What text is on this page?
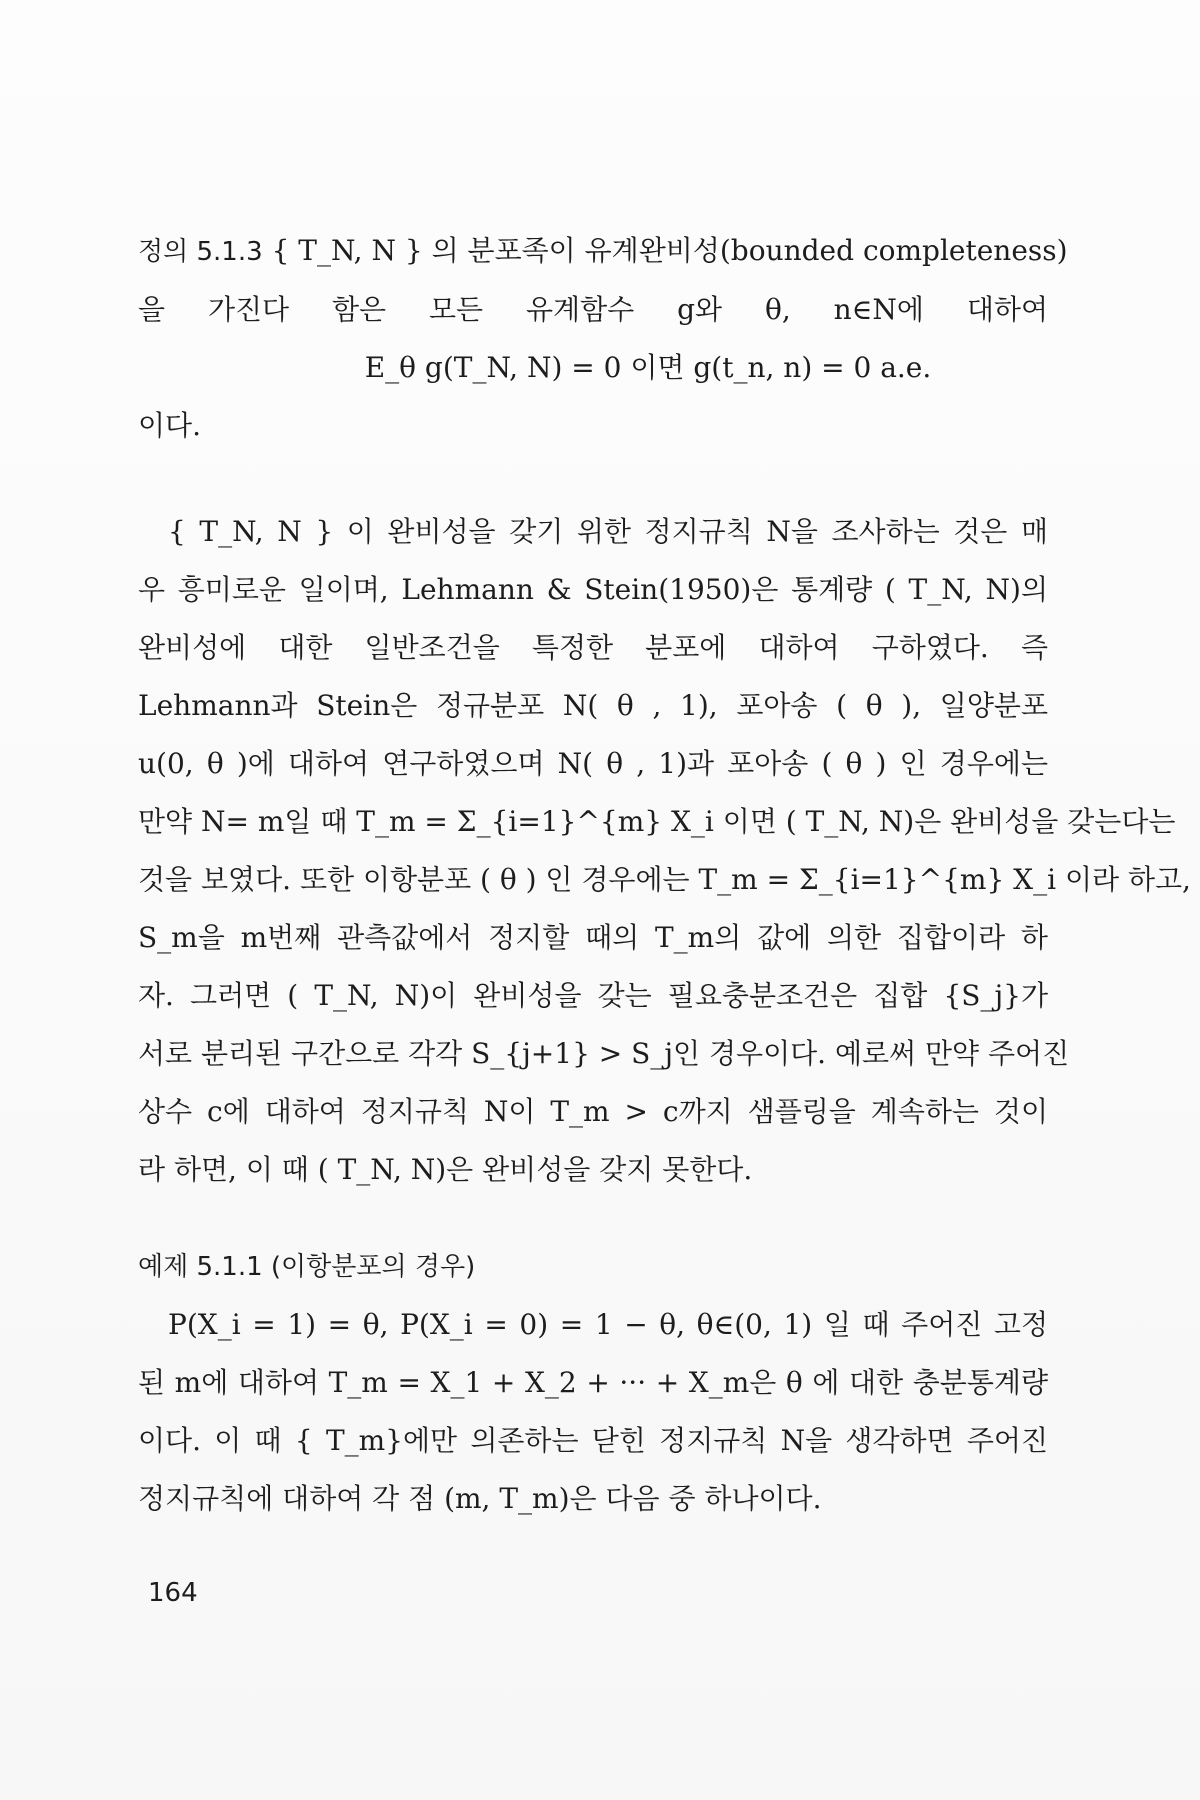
정의 5.1.3 { T_N, N } 의 분포족이 유계완비성(bounded completeness)
을 가진다 함은 모든 유계함수 g와 θ, n∈N에 대하여
E_θ g(T_N, N) = 0 이면 g(t_n, n) = 0 a.e.
이다.
{ T_N, N } 이 완비성을 갖기 위한 정지규칙 N을 조사하는 것은 매
우 흥미로운 일이며, Lehmann & Stein(1950)은 통계량 ( T_N, N)의
완비성에 대한 일반조건을 특정한 분포에 대하여 구하였다. 즉
Lehmann과 Stein은 정규분포 N( θ , 1), 포아송 ( θ ), 일양분포
u(0, θ )에 대하여 연구하였으며 N( θ , 1)과 포아송 ( θ ) 인 경우에는
만약 N= m일 때 T_m = Σ_{i=1}^{m} X_i 이면 ( T_N, N)은 완비성을 갖는다는
것을 보였다. 또한 이항분포 ( θ ) 인 경우에는 T_m = Σ_{i=1}^{m} X_i 이라 하고,
S_m을 m번째 관측값에서 정지할 때의 T_m의 값에 의한 집합이라 하
자. 그러면 ( T_N, N)이 완비성을 갖는 필요충분조건은 집합 {S_j}가
서로 분리된 구간으로 각각 S_{j+1} > S_j인 경우이다. 예로써 만약 주어진
상수 c에 대하여 정지규칙 N이 T_m > c까지 샘플링을 계속하는 것이
라 하면, 이 때 ( T_N, N)은 완비성을 갖지 못한다.
예제 5.1.1 (이항분포의 경우)
P(X_i = 1) = θ, P(X_i = 0) = 1 − θ, θ∈(0, 1) 일 때 주어진 고정
된 m에 대하여 T_m = X_1 + X_2 + ··· + X_m은 θ 에 대한 충분통계량
이다. 이 때 { T_m}에만 의존하는 닫힌 정지규칙 N을 생각하면 주어진
정지규칙에 대하여 각 점 (m, T_m)은 다음 중 하나이다.
164
